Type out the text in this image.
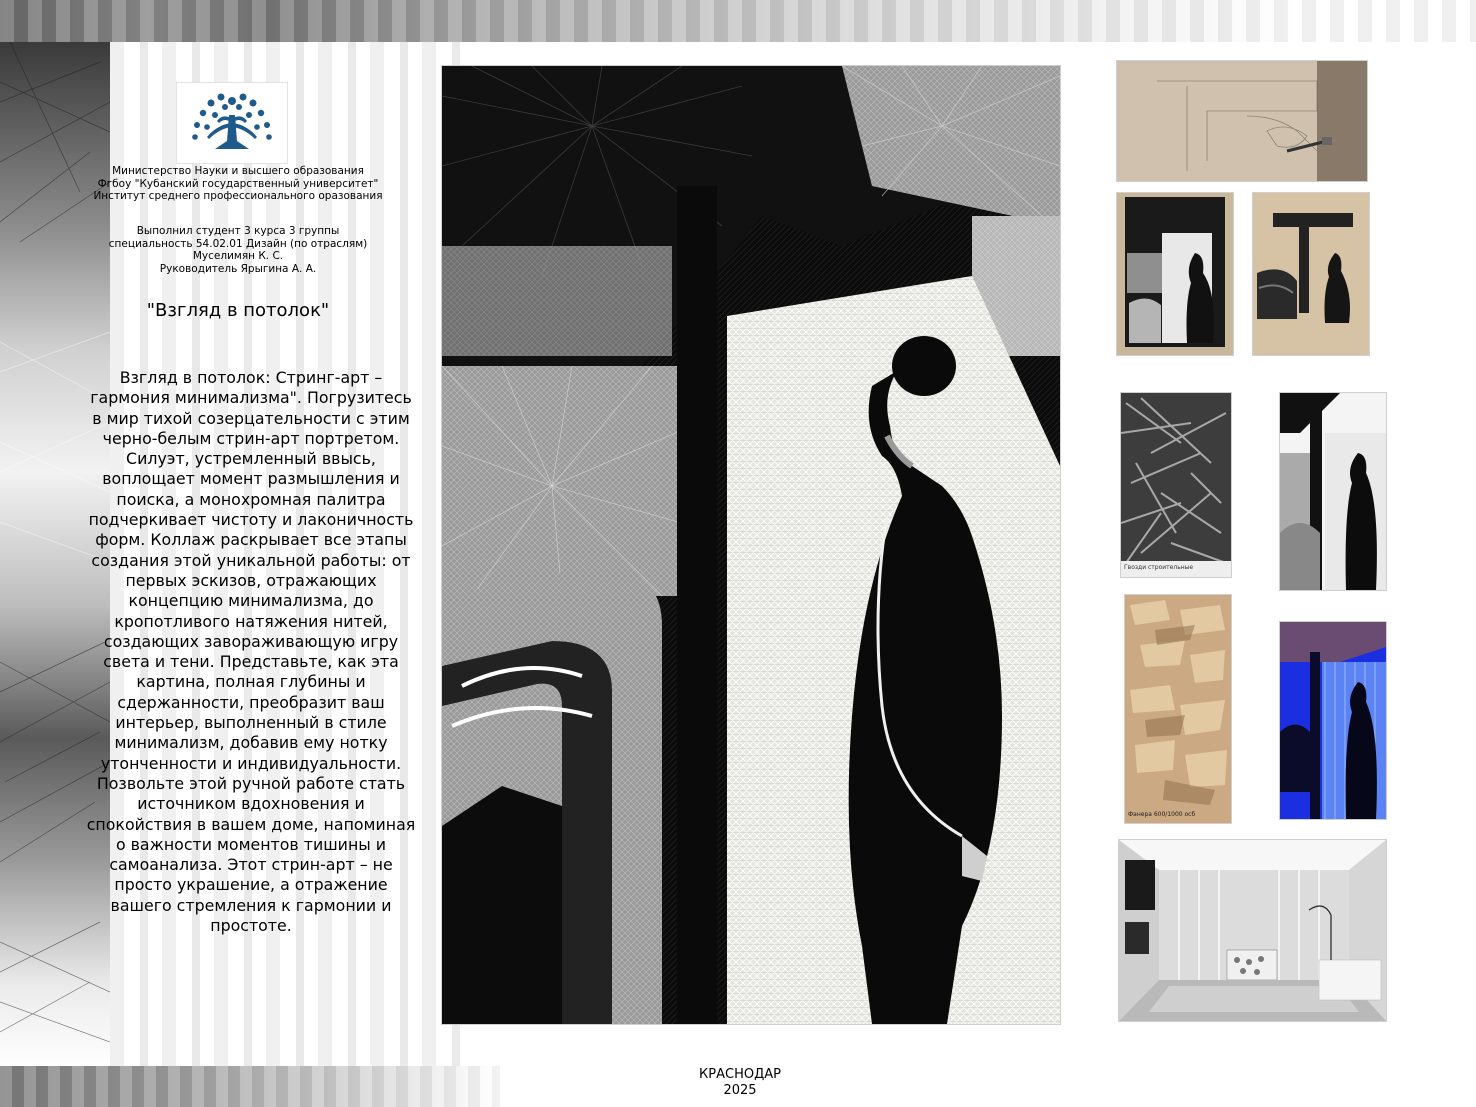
Министерство Науки и высшего образования
Фгбоу "Кубанский государственный университет"
Институт среднего профессионального оразования
Выполнил студент 3 курса 3 группы
специальность 54.02.01 Дизайн (по отраслям)
Муселимян К. С.
Руководитель Ярыгина А. А.
"Взгляд в потолок"
Взгляд в потолок: Стринг-арт – гармония минимализма". Погрузитесь в мир тихой созерцательности с этим черно-белым стрин-арт портретом. Силуэт, устремленный ввысь, воплощает момент размышления и поиска, а монохромная палитра подчеркивает чистоту и лаконичность форм. Коллаж раскрывает все этапы создания этой уникальной работы: от первых эскизов, отражающих концепцию минимализма, до кропотливого натяжения нитей, создающих завораживающую игру света и тени. Представьте, как эта картина, полная глубины и сдержанности, преобразит ваш интерьер, выполненный в стиле минимализм, добавив ему нотку утонченности и индивидуальности. Позвольте этой ручной работе стать источником вдохновения и спокойствия в вашем доме, напоминая о важности моментов тишины и самоанализа. Этот стрин-арт – не просто украшение, а отражение вашего стремления к гармонии и простоте.
Гвозди строительные
Фанера 600/1000 осб
КРАСНОДАР
2025
